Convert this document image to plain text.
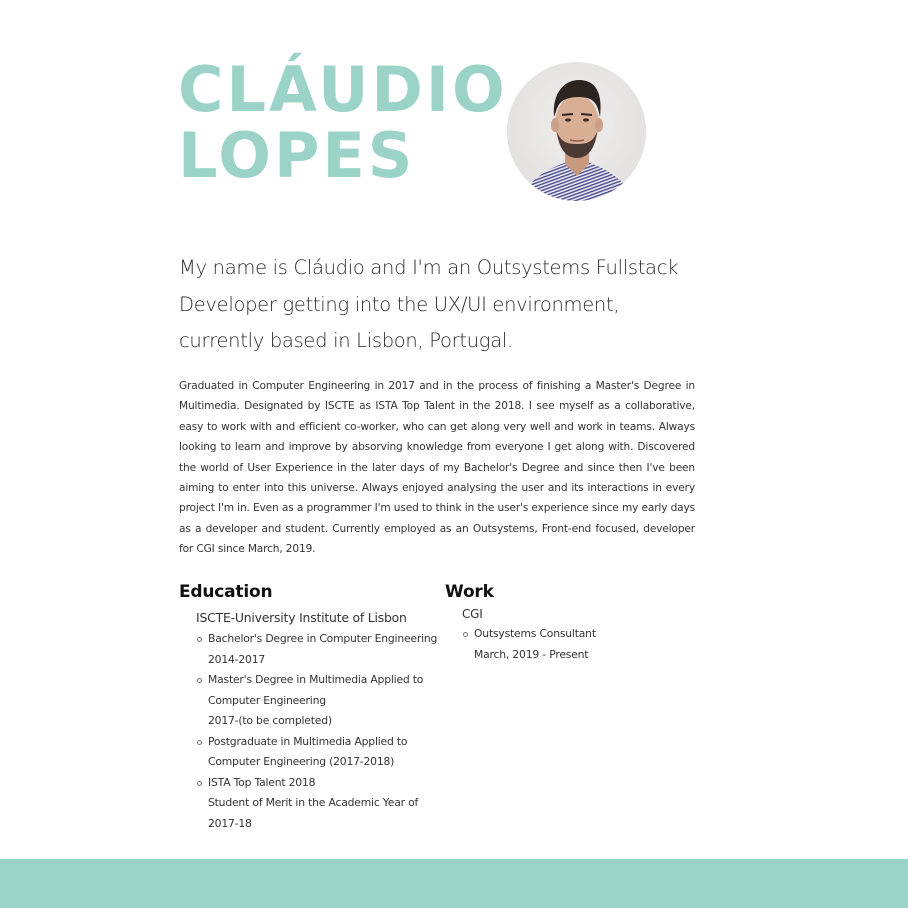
CLÁUDIO
LOPES
My name is Cláudio and I'm an Outsystems Fullstack Developer getting into the UX/UI environment, currently based in Lisbon, Portugal.
Graduated in Computer Engineering in 2017 and in the process of finishing a Master's Degree in Multimedia. Designated by ISCTE as ISTA Top Talent in the 2018. I see myself as a collaborative, easy to work with and efficient co-worker, who can get along very well and work in teams. Always looking to learn and improve by absorving knowledge from everyone I get along with. Discovered the world of User Experience in the later days of my Bachelor's Degree and since then I've been aiming to enter into this universe. Always enjoyed analysing the user and its interactions in every project I'm in. Even as a programmer I'm used to think in the user's experience since my early days as a developer and student. Currently employed as an Outsystems, Front-end focused, developer for CGI since March, 2019.
Education
ISCTE-University Institute of Lisbon
Bachelor's Degree in Computer Engineering
2014-2017
Master's Degree in Multimedia Applied to Computer Engineering
2017-(to be completed)
Postgraduate in Multimedia Applied to Computer Engineering (2017-2018)
ISTA Top Talent 2018
Student of Merit in the Academic Year of 2017-18
Work
CGI
Outsystems Consultant
March, 2019 - Present
